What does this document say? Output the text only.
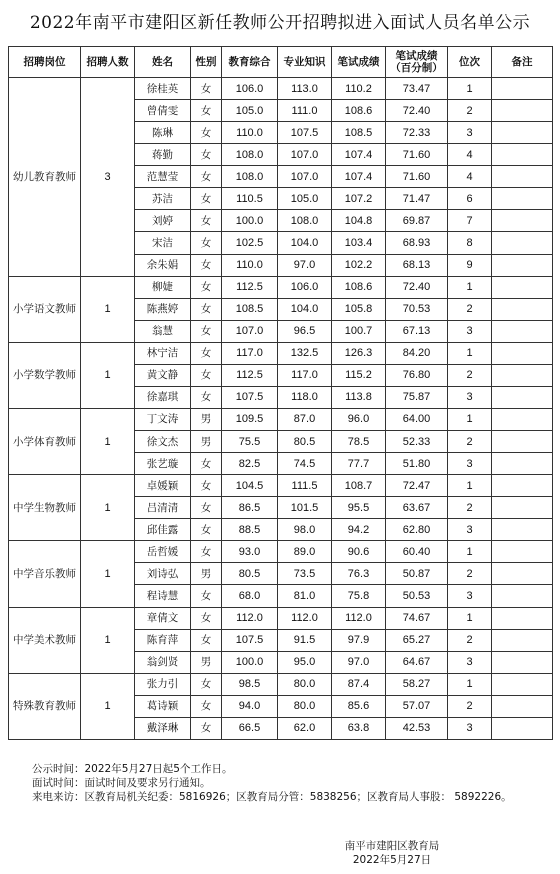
2022年南平市建阳区新任教师公开招聘拟进入面试人员名单公示
招聘岗位	招聘人数	姓名	性别	教育综合	专业知识	笔试成绩	笔试成绩（百分制）	位次	备注
幼儿教育教师	3	徐桂英	女	106.0	113.0	110.2	73.47	1	
		曾倩雯	女	105.0	111.0	108.6	72.40	2	
		陈琳	女	110.0	107.5	108.5	72.33	3	
		蒋勤	女	108.0	107.0	107.4	71.60	4	
		范慧莹	女	108.0	107.0	107.4	71.60	4	
		苏洁	女	110.5	105.0	107.2	71.47	6	
		刘婷	女	100.0	108.0	104.8	69.87	7	
		宋洁	女	102.5	104.0	103.4	68.93	8	
		余朱娟	女	110.0	97.0	102.2	68.13	9	
小学语文教师	1	柳婕	女	112.5	106.0	108.6	72.40	1	
		陈燕婷	女	108.5	104.0	105.8	70.53	2	
		翁慧	女	107.0	96.5	100.7	67.13	3	
小学数学教师	1	林宁洁	女	117.0	132.5	126.3	84.20	1	
		黄文静	女	112.5	117.0	115.2	76.80	2	
		徐嘉琪	女	107.5	118.0	113.8	75.87	3	
小学体育教师	1	丁文涛	男	109.5	87.0	96.0	64.00	1	
		徐文杰	男	75.5	80.5	78.5	52.33	2	
		张艺璇	女	82.5	74.5	77.7	51.80	3	
中学生物教师	1	卓媛颖	女	104.5	111.5	108.7	72.47	1	
		吕清清	女	86.5	101.5	95.5	63.67	2	
		邱佳露	女	88.5	98.0	94.2	62.80	3	
中学音乐教师	1	岳哲媛	女	93.0	89.0	90.6	60.40	1	
		刘诗弘	男	80.5	73.5	76.3	50.87	2	
		程诗慧	女	68.0	81.0	75.8	50.53	3	
中学美术教师	1	章倩文	女	112.0	112.0	112.0	74.67	1	
		陈育萍	女	107.5	91.5	97.9	65.27	2	
		翁剑贤	男	100.0	95.0	97.0	64.67	3	
特殊教育教师	1	张力引	女	98.5	80.0	87.4	58.27	1	
		葛诗颖	女	94.0	80.0	85.6	57.07	2	
		戴泽琳	女	66.5	62.0	63.8	42.53	3	
公示时间：2022年5月27日起5个工作日。
面试时间：面试时间及要求另行通知。
来电来访：区教育局机关纪委：5816926；区教育局分管：5838256；区教育局人事股： 5892226。
南平市建阳区教育局
2022年5月27日
